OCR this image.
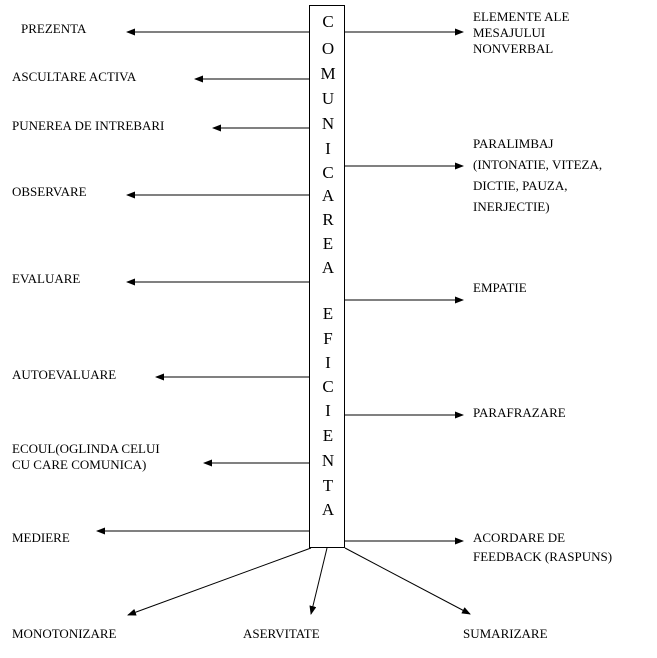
C
O
M
U
N
I
C
A
R
E
A
E
F
I
C
I
E
N
T
A
PREZENTA
ASCULTARE ACTIVA
PUNEREA DE INTREBARI
OBSERVARE
EVALUARE
AUTOEVALUARE
ECOUL(OGLINDA CELUI
CU CARE COMUNICA)
MEDIERE
ELEMENTE ALE
MESAJULUI
NONVERBAL
PARALIMBAJ
(INTONATIE, VITEZA,
DICTIE, PAUZA,
INERJECTIE)
EMPATIE
PARAFRAZARE
ACORDARE DE
FEEDBACK (RASPUNS)
MONOTONIZARE	ASERVITATE	SUMARIZARE
